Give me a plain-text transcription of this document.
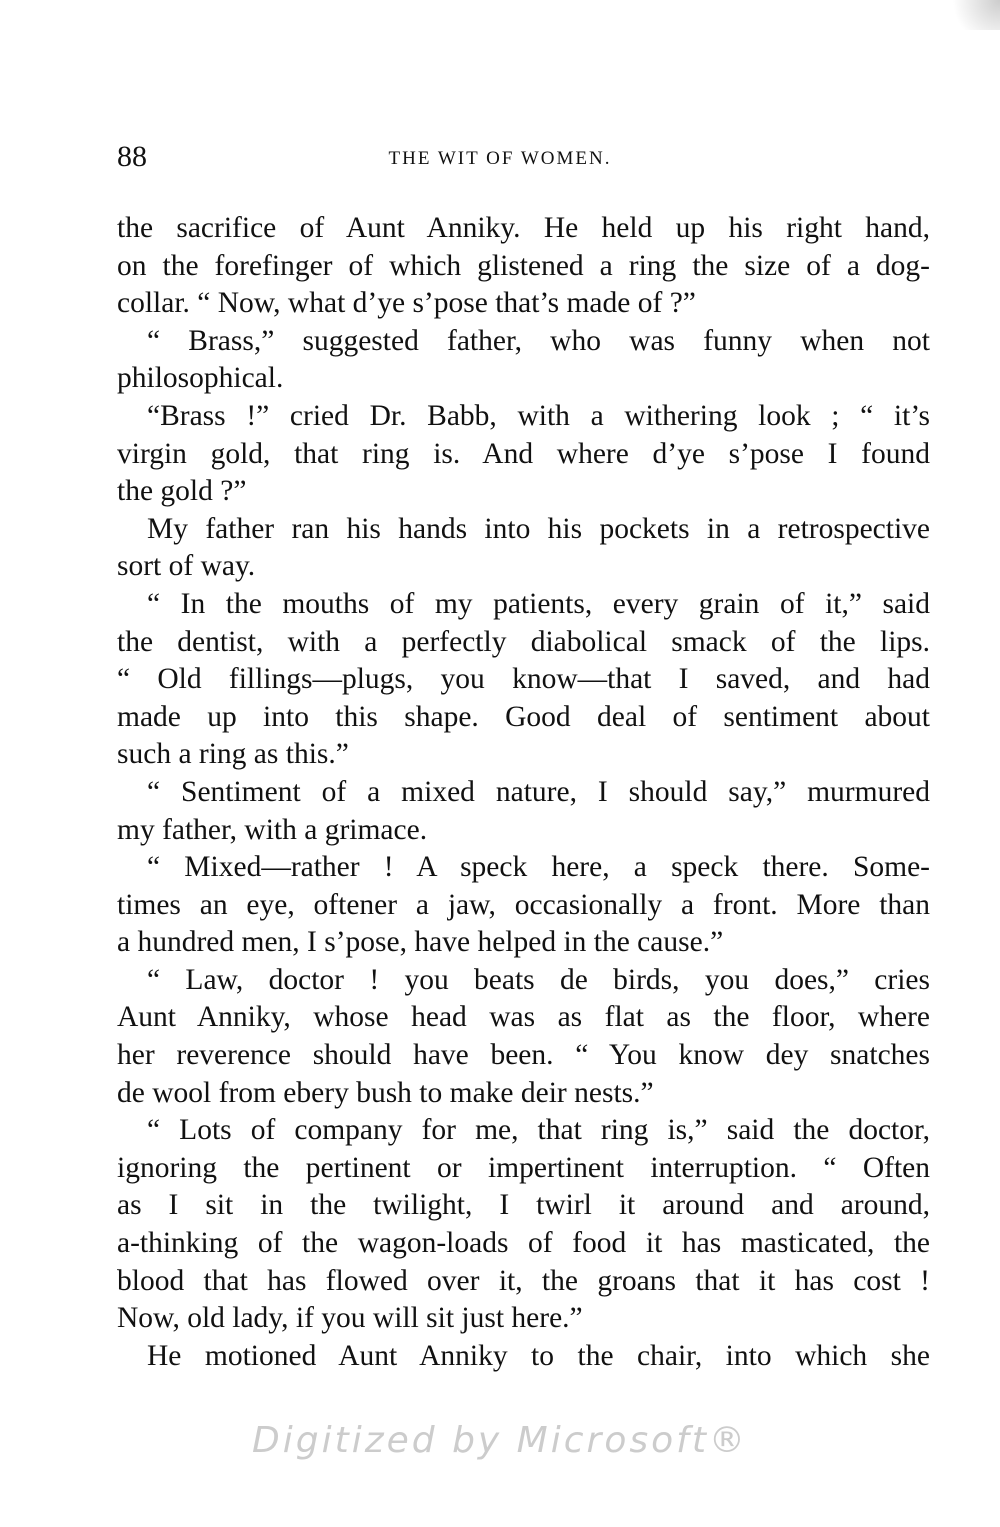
88	THE WIT OF WOMEN.
the sacrifice of Aunt Anniky. He held up his right hand,
on the forefinger of which glistened a ring the size of a dog-
collar. “ Now, what d’ye s’pose that’s made of ?”
“ Brass,” suggested father, who was funny when not
philosophical.
“Brass !” cried Dr. Babb, with a withering look ; “ it’s
virgin gold, that ring is. And where d’ye s’pose I found
the gold ?”
My father ran his hands into his pockets in a retrospective
sort of way.
“ In the mouths of my patients, every grain of it,” said
the dentist, with a perfectly diabolical smack of the lips.
“ Old fillings—plugs, you know—that I saved, and had
made up into this shape. Good deal of sentiment about
such a ring as this.”
“ Sentiment of a mixed nature, I should say,” murmured
my father, with a grimace.
“ Mixed—rather ! A speck here, a speck there. Some-
times an eye, oftener a jaw, occasionally a front. More than
a hundred men, I s’pose, have helped in the cause.”
“ Law, doctor ! you beats de birds, you does,” cries
Aunt Anniky, whose head was as flat as the floor, where
her reverence should have been. “ You know dey snatches
de wool from ebery bush to make deir nests.”
“ Lots of company for me, that ring is,” said the doctor,
ignoring the pertinent or impertinent interruption. “ Often
as I sit in the twilight, I twirl it around and around,
a-thinking of the wagon-loads of food it has masticated, the
blood that has flowed over it, the groans that it has cost !
Now, old lady, if you will sit just here.”
He motioned Aunt Anniky to the chair, into which she
Digitized by Microsoft®
